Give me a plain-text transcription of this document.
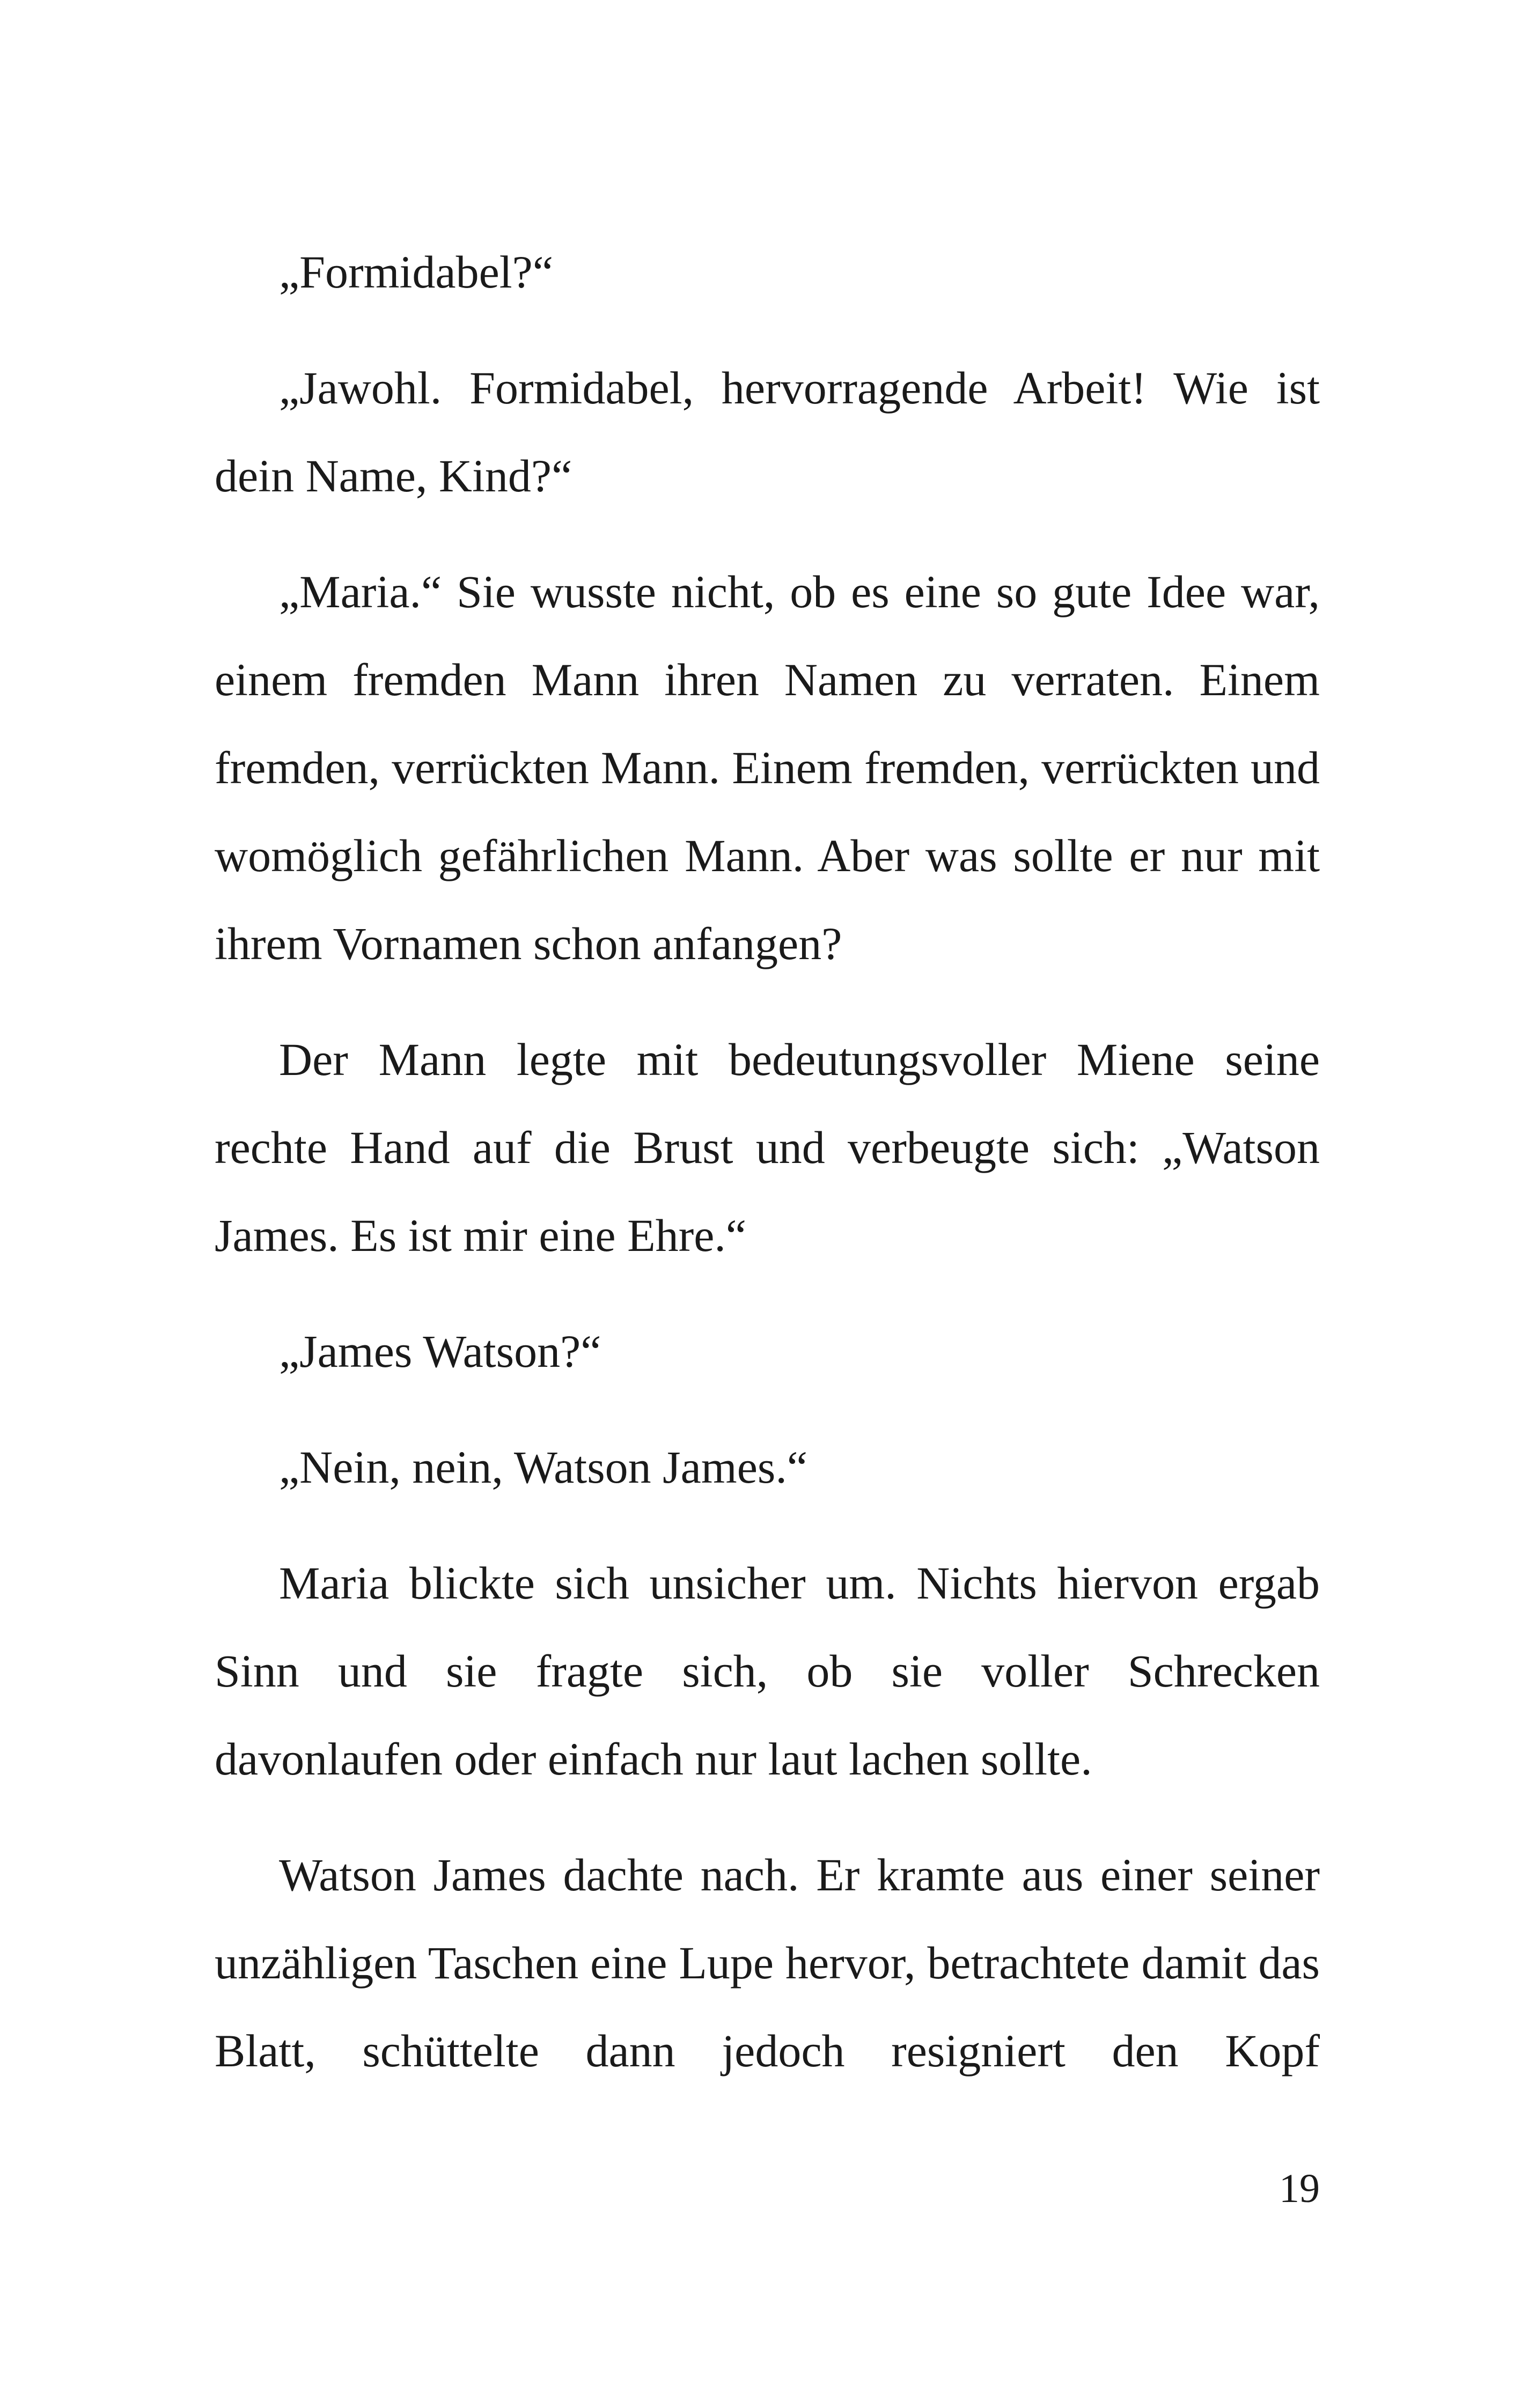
„Formidabel?“

„Jawohl. Formidabel, hervorragende Arbeit! Wie ist dein Name, Kind?“

„Maria.“ Sie wusste nicht, ob es eine so gute Idee war, einem fremden Mann ihren Namen zu verraten. Einem fremden, verrückten Mann. Einem fremden, verrückten und womöglich gefährlichen Mann. Aber was sollte er nur mit ihrem Vornamen schon anfangen?

Der Mann legte mit bedeutungsvoller Miene seine rechte Hand auf die Brust und verbeugte sich: „Watson James. Es ist mir eine Ehre.“

„James Watson?“

„Nein, nein, Watson James.“

Maria blickte sich unsicher um. Nichts hiervon ergab Sinn und sie fragte sich, ob sie voller Schrecken davonlaufen oder einfach nur laut lachen sollte.

Watson James dachte nach. Er kramte aus einer seiner unzähligen Taschen eine Lupe hervor, betrachtete damit das Blatt, schüttelte dann jedoch resigniert den Kopf

19
